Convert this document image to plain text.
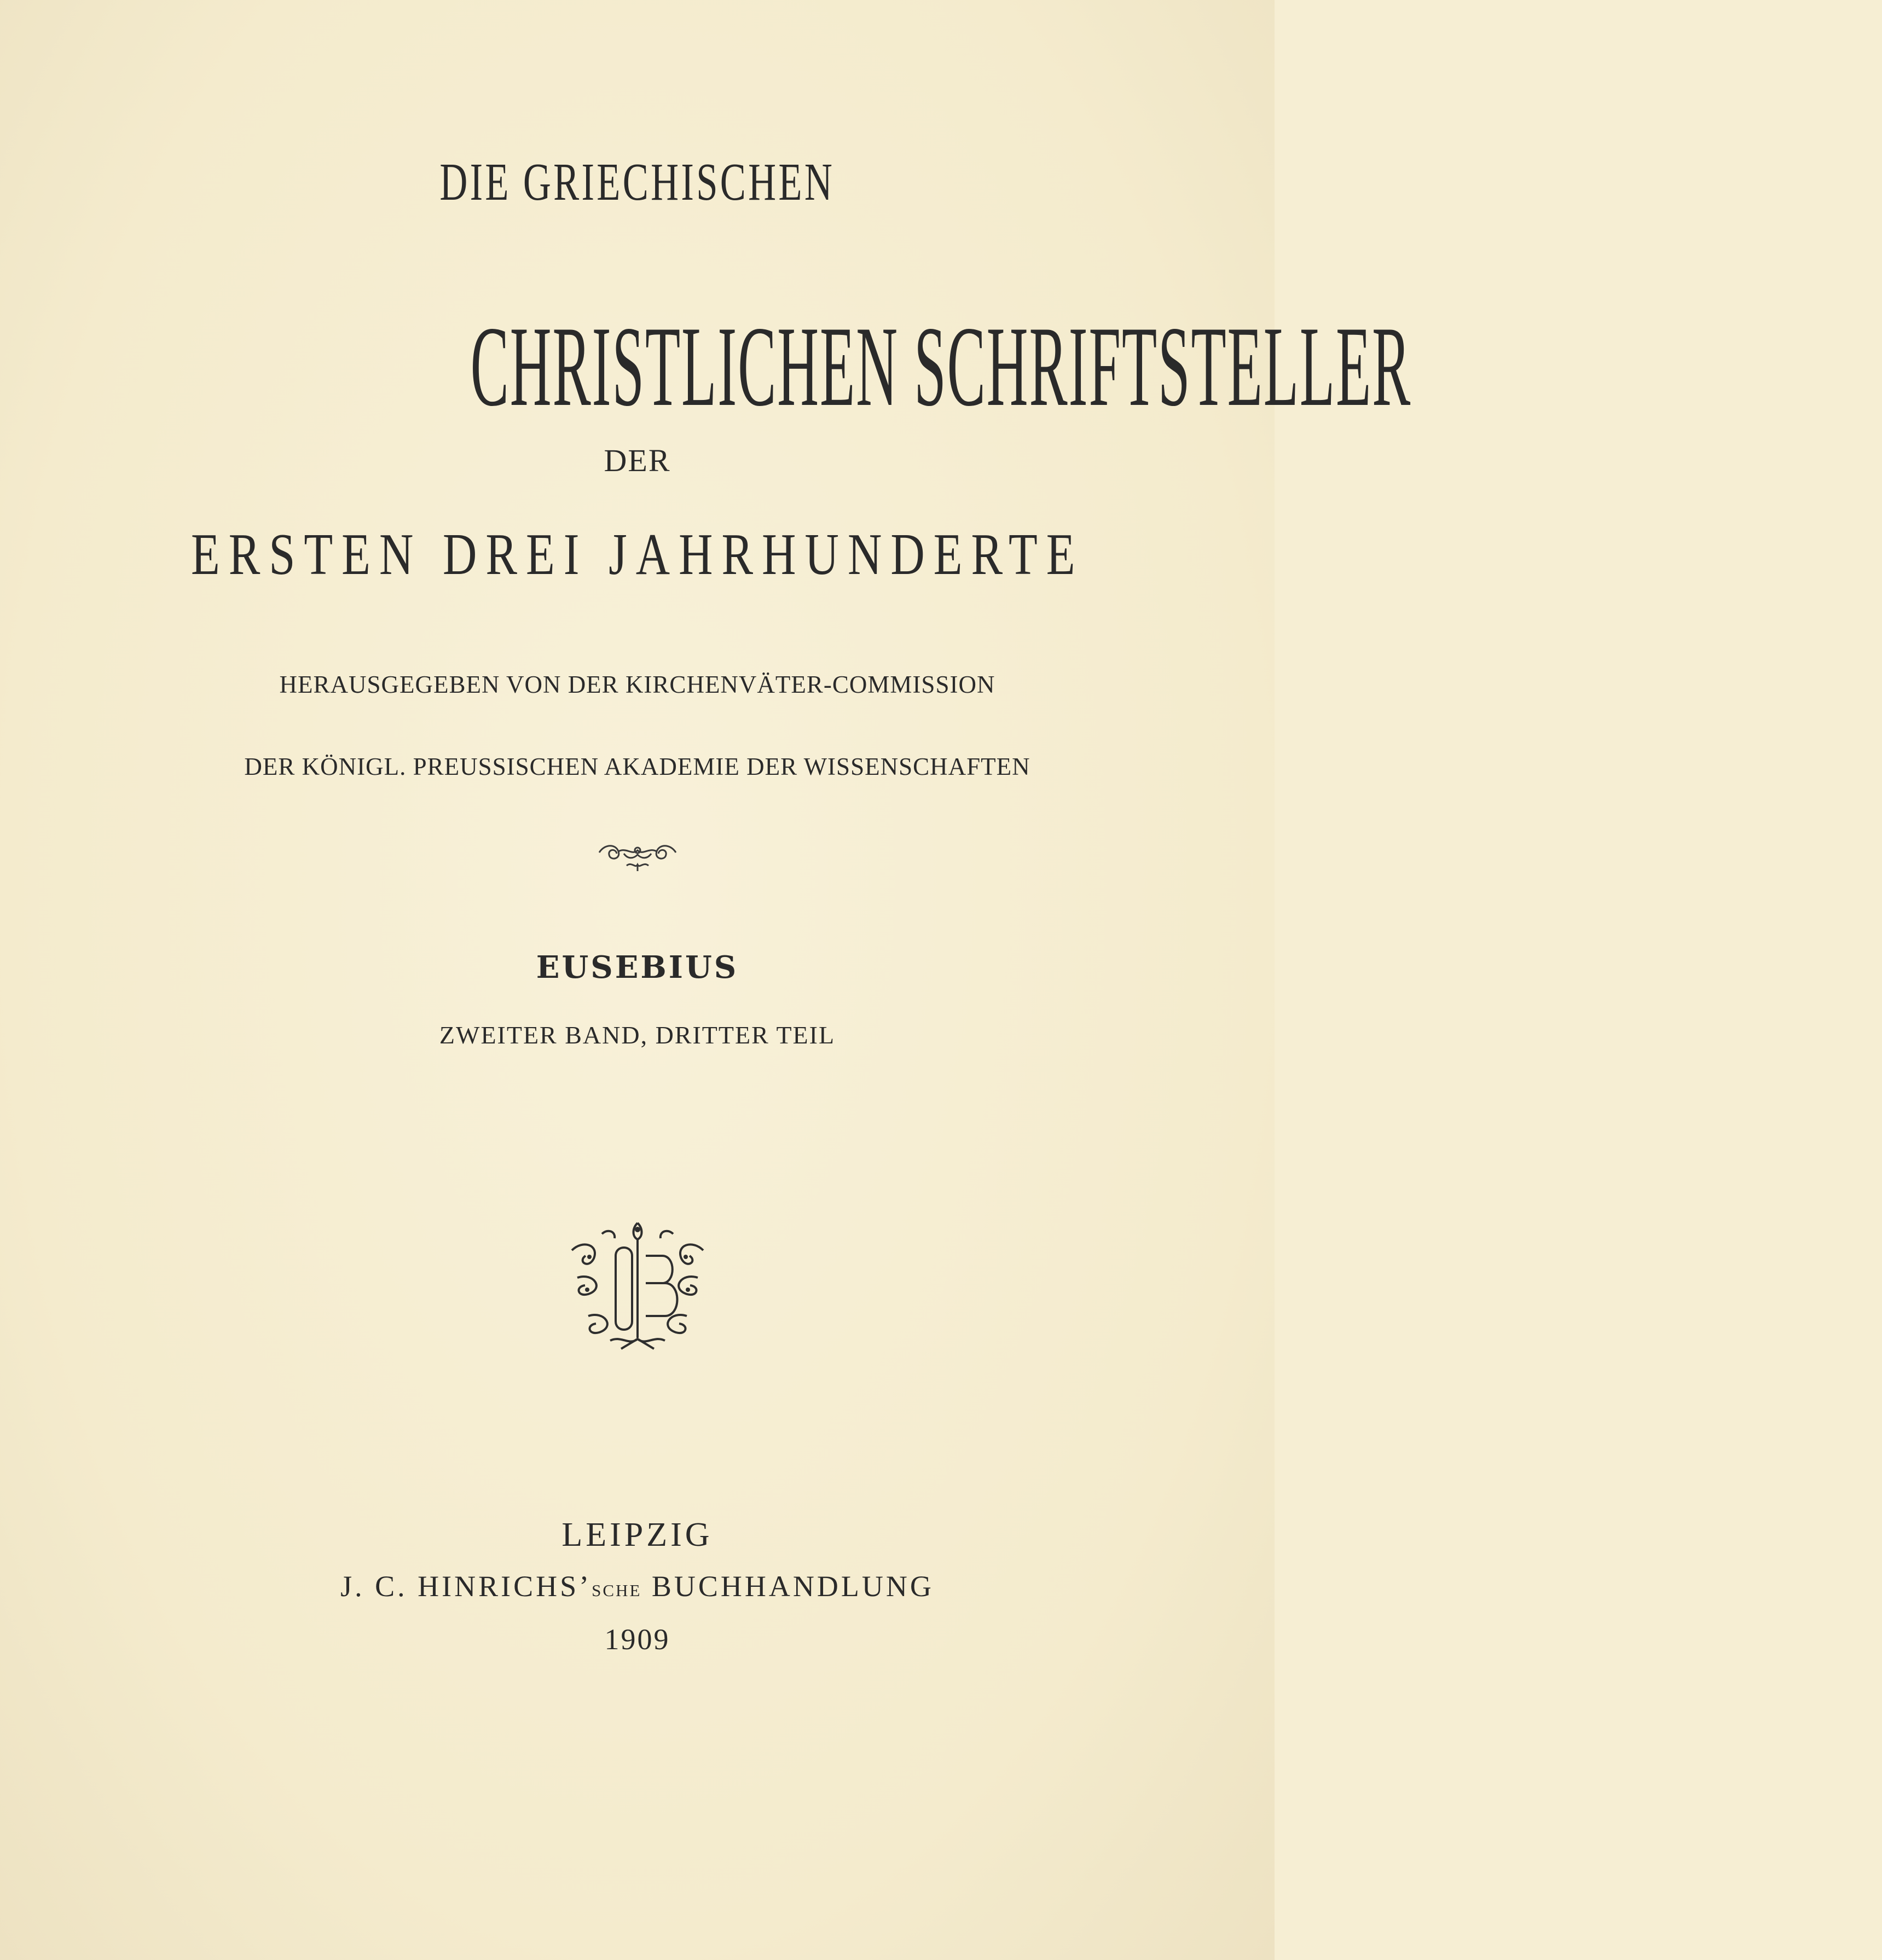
DIE GRIECHISCHEN
CHRISTLICHEN SCHRIFTSTELLER
DER
ERSTEN DREI JAHRHUNDERTE
HERAUSGEGEBEN VON DER KIRCHENVÄTER-COMMISSION
DER KÖNIGL. PREUSSISCHEN AKADEMIE DER WISSENSCHAFTEN
EUSEBIUS
ZWEITER BAND, DRITTER TEIL
LEIPZIG
J. C. HINRICHS’sche BUCHHANDLUNG
1909
